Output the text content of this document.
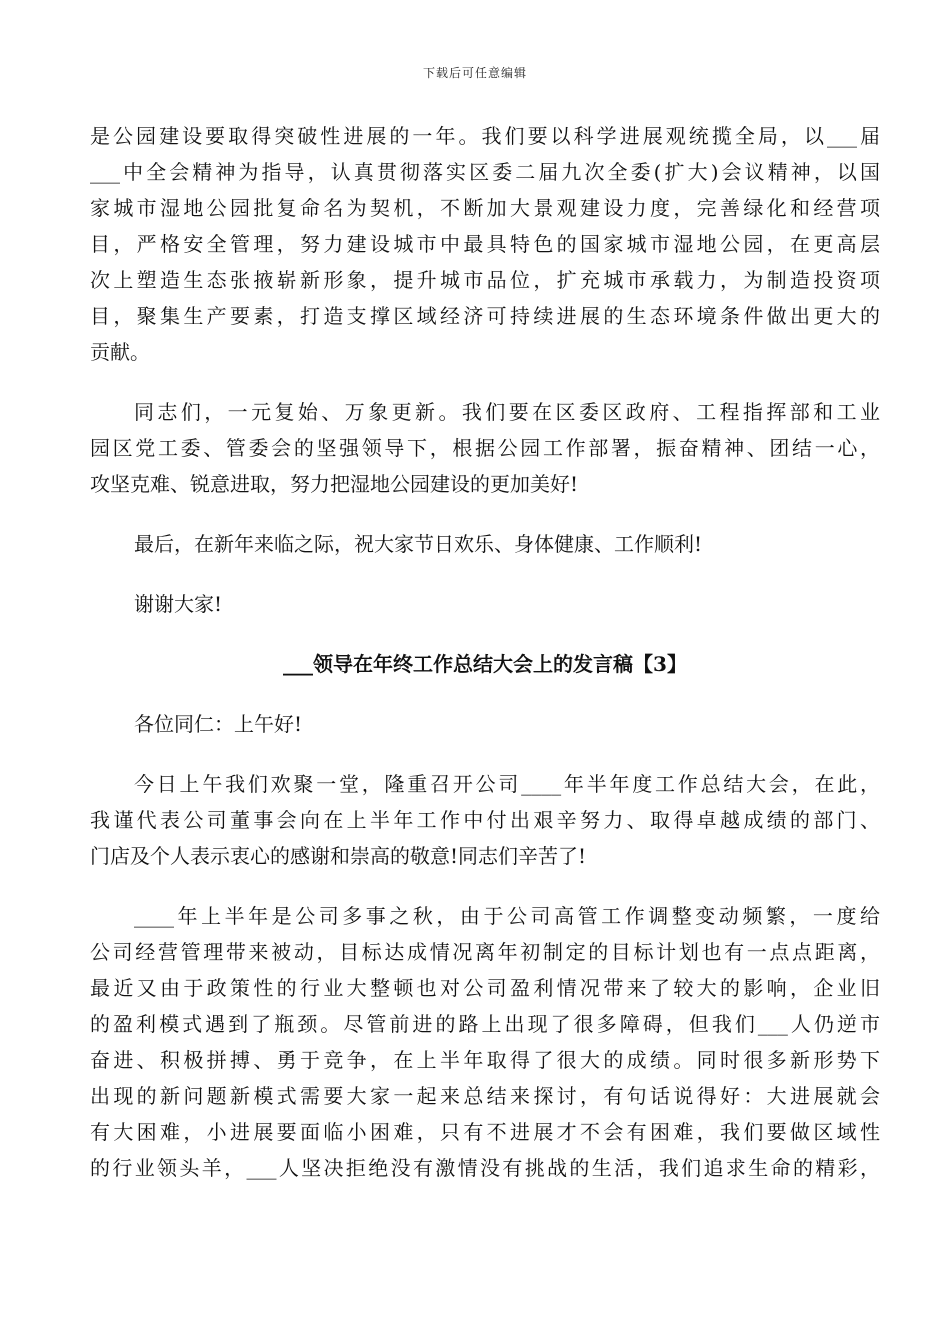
下载后可任意编辑
是公园建设要取得突破性进展的一年。我们要以科学进展观统揽全局，以___届
___中全会精神为指导，认真贯彻落实区委二届九次全委(扩大)会议精神，以国
家城市湿地公园批复命名为契机，不断加大景观建设力度，完善绿化和经营项
目，严格安全管理，努力建设城市中最具特色的国家城市湿地公园，在更高层
次上塑造生态张掖崭新形象，提升城市品位，扩充城市承载力，为制造投资项
目，聚集生产要素，打造支撑区域经济可持续进展的生态环境条件做出更大的
贡献。
同志们，一元复始、万象更新。我们要在区委区政府、工程指挥部和工业
园区党工委、管委会的坚强领导下，根据公园工作部署，振奋精神、团结一心，
攻坚克难、锐意进取，努力把湿地公园建设的更加美好!
最后，在新年来临之际，祝大家节日欢乐、身体健康、工作顺利!
谢谢大家!
___领导在年终工作总结大会上的发言稿【3】
各位同仁：上午好!
今日上午我们欢聚一堂，隆重召开公司____年半年度工作总结大会，在此，
我谨代表公司董事会向在上半年工作中付出艰辛努力、取得卓越成绩的部门、
门店及个人表示衷心的感谢和崇高的敬意!同志们辛苦了!
____年上半年是公司多事之秋，由于公司高管工作调整变动频繁，一度给
公司经营管理带来被动，目标达成情况离年初制定的目标计划也有一点点距离，
最近又由于政策性的行业大整顿也对公司盈利情况带来了较大的影响，企业旧
的盈利模式遇到了瓶颈。尽管前进的路上出现了很多障碍，但我们___人仍逆市
奋进、积极拼搏、勇于竞争，在上半年取得了很大的成绩。同时很多新形势下
出现的新问题新模式需要大家一起来总结来探讨，有句话说得好：大进展就会
有大困难，小进展要面临小困难，只有不进展才不会有困难，我们要做区域性
的行业领头羊，___人坚决拒绝没有激情没有挑战的生活，我们追求生命的精彩，
